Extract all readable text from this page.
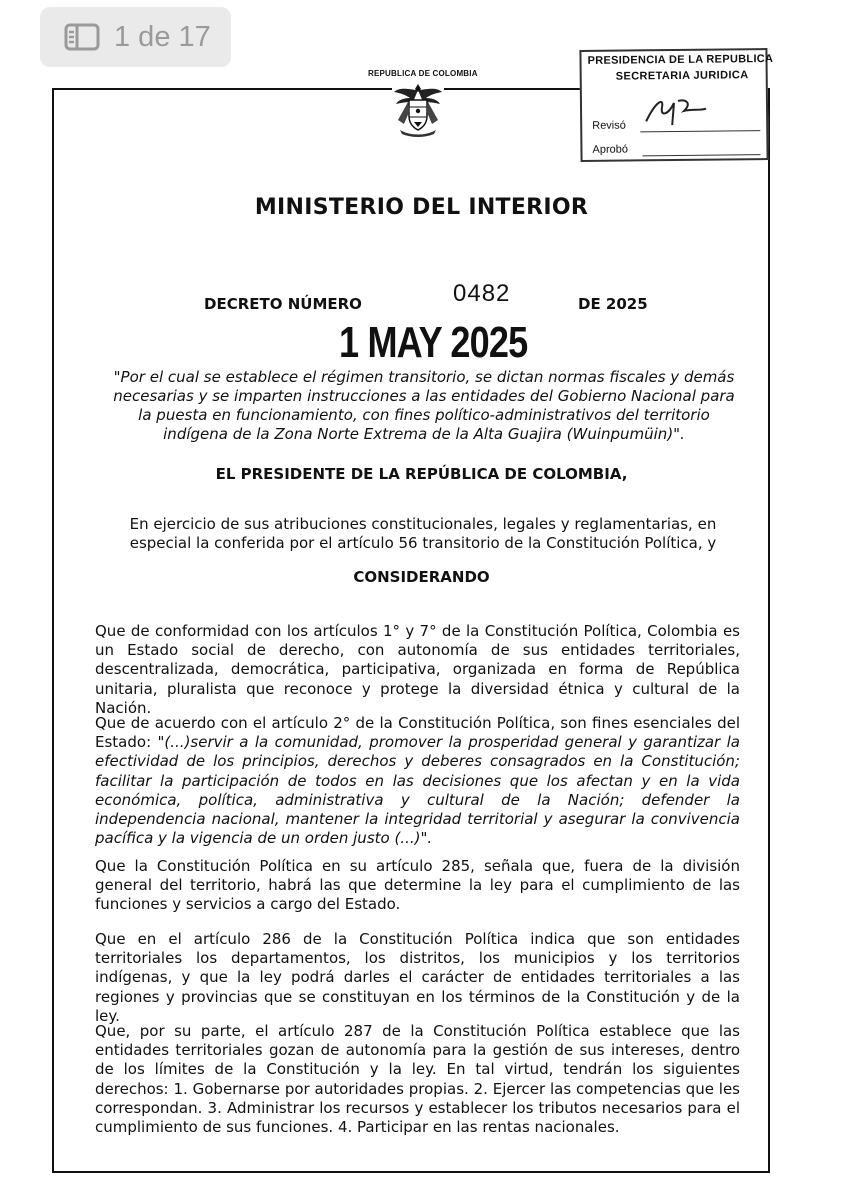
1 de 17
REPUBLICA DE COLOMBIA
PRESIDENCIA DE LA REPUBLICA
SECRETARIA JURIDICA
Revisó
Aprobó
MINISTERIO DEL INTERIOR
DECRETO NÚMERO	0482	DE 2025
1 MAY 2025
"Por el cual se establece el régimen transitorio, se dictan normas fiscales y demás necesarias y se imparten instrucciones a las entidades del Gobierno Nacional para la puesta en funcionamiento, con fines político-administrativos del territorio indígena de la Zona Norte Extrema de la Alta Guajira (Wuinpumüin)".
EL PRESIDENTE DE LA REPÚBLICA DE COLOMBIA,
En ejercicio de sus atribuciones constitucionales, legales y reglamentarias, en especial la conferida por el artículo 56 transitorio de la Constitución Política, y
CONSIDERANDO
Que de conformidad con los artículos 1° y 7° de la Constitución Política, Colombia es un Estado social de derecho, con autonomía de sus entidades territoriales, descentralizada, democrática, participativa, organizada en forma de República unitaria, pluralista que reconoce y protege la diversidad étnica y cultural de la Nación.
Que de acuerdo con el artículo 2° de la Constitución Política, son fines esenciales del Estado: "(...)servir a la comunidad, promover la prosperidad general y garantizar la efectividad de los principios, derechos y deberes consagrados en la Constitución; facilitar la participación de todos en las decisiones que los afectan y en la vida económica, política, administrativa y cultural de la Nación; defender la independencia nacional, mantener la integridad territorial y asegurar la convivencia pacífica y la vigencia de un orden justo (...)".
Que la Constitución Política en su artículo 285, señala que, fuera de la división general del territorio, habrá las que determine la ley para el cumplimiento de las funciones y servicios a cargo del Estado.
Que en el artículo 286 de la Constitución Política indica que son entidades territoriales los departamentos, los distritos, los municipios y los territorios indígenas, y que la ley podrá darles el carácter de entidades territoriales a las regiones y provincias que se constituyan en los términos de la Constitución y de la ley.
Que, por su parte, el artículo 287 de la Constitución Política establece que las entidades territoriales gozan de autonomía para la gestión de sus intereses, dentro de los límites de la Constitución y la ley. En tal virtud, tendrán los siguientes derechos: 1. Gobernarse por autoridades propias. 2. Ejercer las competencias que les correspondan. 3. Administrar los recursos y establecer los tributos necesarios para el cumplimiento de sus funciones. 4. Participar en las rentas nacionales.
